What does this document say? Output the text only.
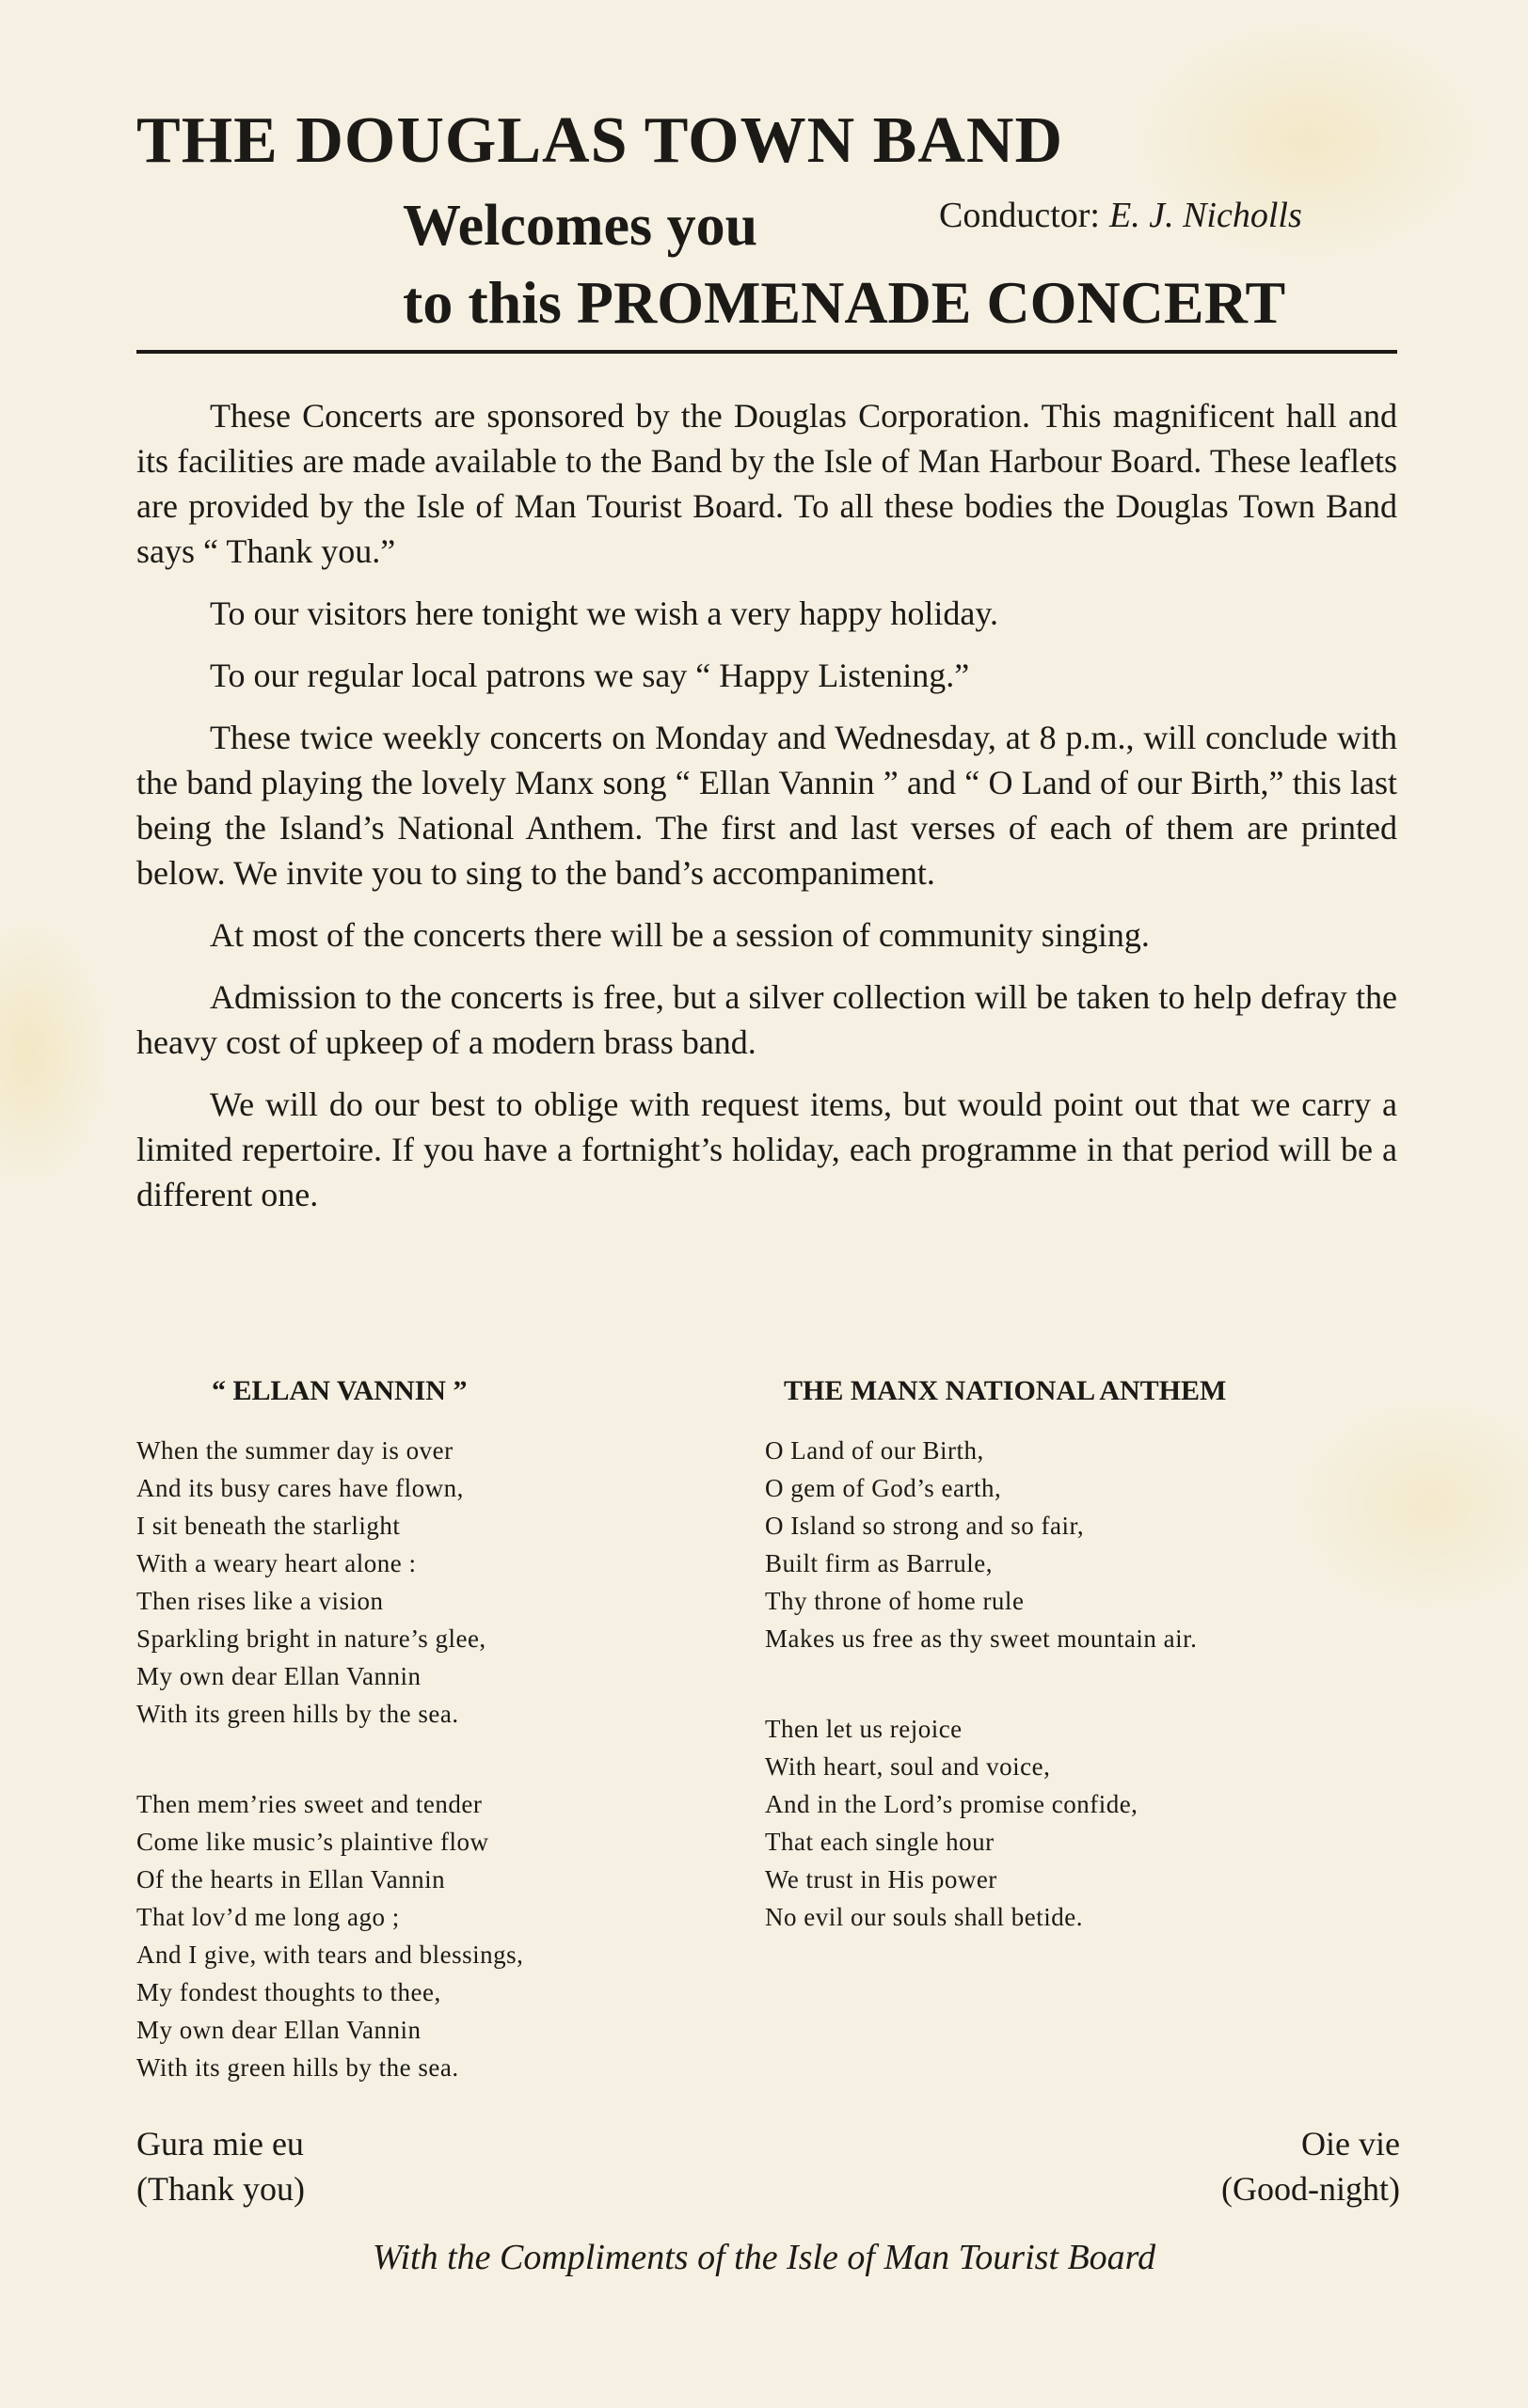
THE DOUGLAS TOWN BAND
Welcomes you	Conductor: E. J. Nicholls
to this PROMENADE CONCERT

These Concerts are sponsored by the Douglas Corporation. This magnificent hall and its facilities are made available to the Band by the Isle of Man Harbour Board. These leaflets are provided by the Isle of Man Tourist Board. To all these bodies the Douglas Town Band says “ Thank you.”

To our visitors here tonight we wish a very happy holiday.

To our regular local patrons we say “ Happy Listening.”

These twice weekly concerts on Monday and Wednesday, at 8 p.m., will conclude with the band playing the lovely Manx song “ Ellan Vannin ” and “ O Land of our Birth,” this last being the Island’s National Anthem. The first and last verses of each of them are printed below. We invite you to sing to the band’s accompaniment.

At most of the concerts there will be a session of community singing.

Admission to the concerts is free, but a silver collection will be taken to help defray the heavy cost of upkeep of a modern brass band.

We will do our best to oblige with request items, but would point out that we carry a limited repertoire. If you have a fortnight’s holiday, each programme in that period will be a different one.

“ ELLAN VANNIN ”
When the summer day is over
And its busy cares have flown,
I sit beneath the starlight
With a weary heart alone :
Then rises like a vision
Sparkling bright in nature’s glee,
My own dear Ellan Vannin
With its green hills by the sea.
Then mem’ries sweet and tender
Come like music’s plaintive flow
Of the hearts in Ellan Vannin
That lov’d me long ago ;
And I give, with tears and blessings,
My fondest thoughts to thee,
My own dear Ellan Vannin
With its green hills by the sea.
THE MANX NATIONAL ANTHEM
O Land of our Birth,
O gem of God’s earth,
O Island so strong and so fair,
Built firm as Barrule,
Thy throne of home rule
Makes us free as thy sweet mountain air.
Then let us rejoice
With heart, soul and voice,
And in the Lord’s promise confide,
That each single hour
We trust in His power
No evil our souls shall betide.
Gura mie eu
(Thank you)
Oie vie
(Good-night)
With the Compliments of the Isle of Man Tourist Board
